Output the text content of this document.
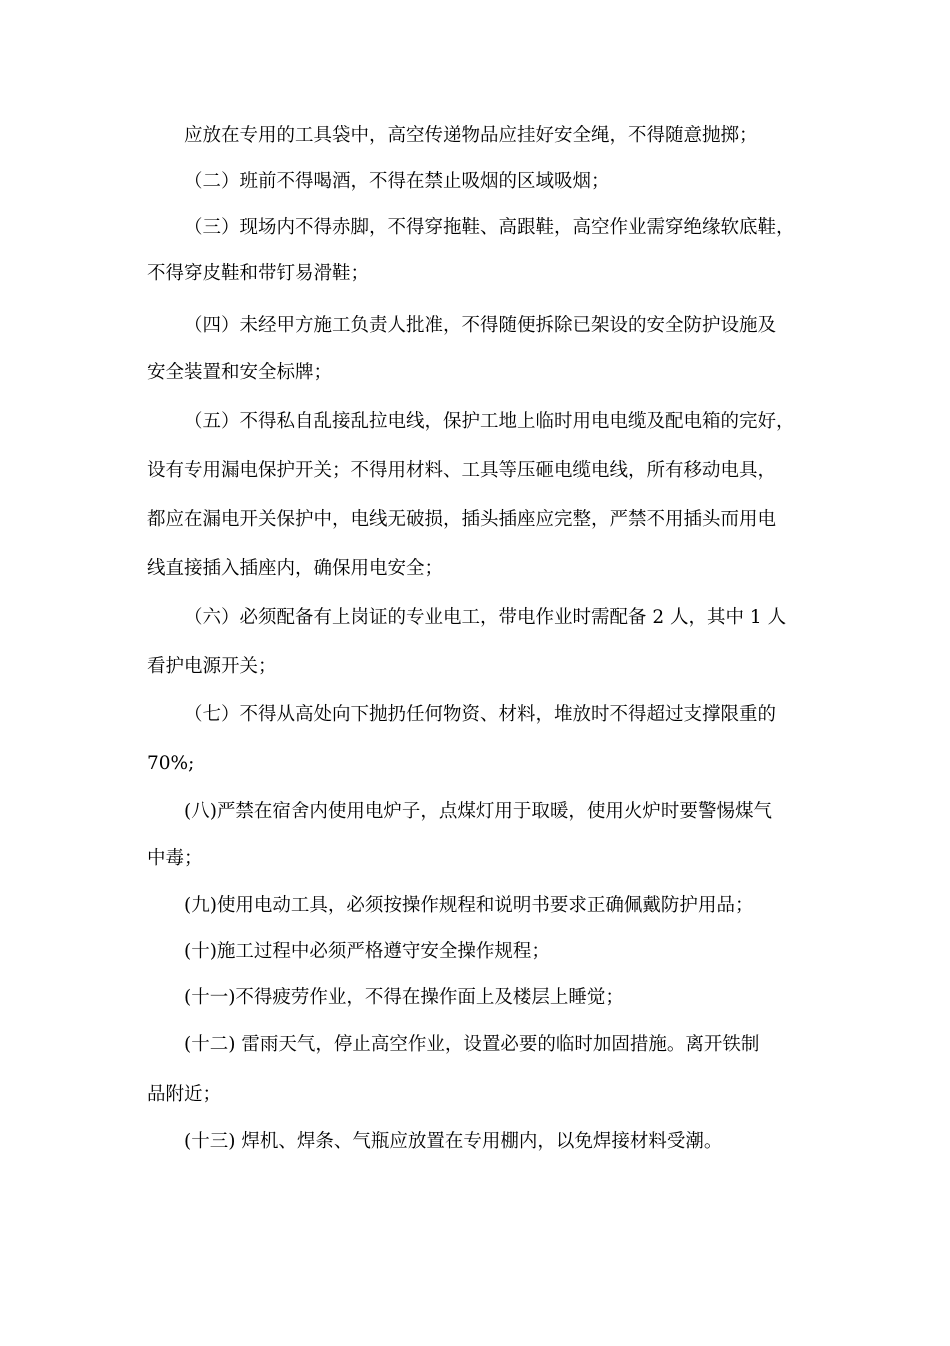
应放在专用的工具袋中，高空传递物品应挂好安全绳，不得随意抛掷；
（二）班前不得喝酒，不得在禁止吸烟的区域吸烟；
（三）现场内不得赤脚，不得穿拖鞋、高跟鞋，高空作业需穿绝缘软底鞋，
不得穿皮鞋和带钉易滑鞋；
（四）未经甲方施工负责人批准，不得随便拆除已架设的安全防护设施及
安全装置和安全标牌；
（五）不得私自乱接乱拉电线，保护工地上临时用电电缆及配电箱的完好，
设有专用漏电保护开关；不得用材料、工具等压砸电缆电线，所有移动电具，
都应在漏电开关保护中，电线无破损，插头插座应完整，严禁不用插头而用电
线直接插入插座内，确保用电安全；
（六）必须配备有上岗证的专业电工，带电作业时需配备 2 人，其中 1 人
看护电源开关；
（七）不得从高处向下抛扔任何物资、材料，堆放时不得超过支撑限重的
70%;
(八)严禁在宿舍内使用电炉子，点煤灯用于取暖，使用火炉时要警惕煤气
中毒；
(九)使用电动工具，必须按操作规程和说明书要求正确佩戴防护用品；
(十)施工过程中必须严格遵守安全操作规程；
(十一)不得疲劳作业，不得在操作面上及楼层上睡觉；
(十二) 雷雨天气，停止高空作业，设置必要的临时加固措施。离开铁制
品附近；
(十三) 焊机、焊条、气瓶应放置在专用棚内，以免焊接材料受潮。
